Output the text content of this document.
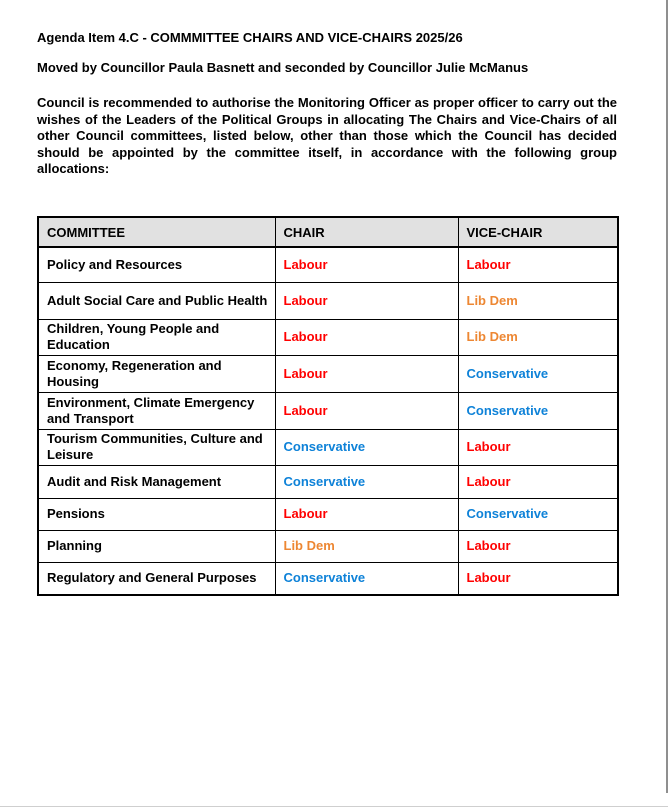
Agenda Item 4.C - COMMMITTEE CHAIRS AND VICE-CHAIRS 2025/26
Moved by Councillor Paula Basnett and seconded by Councillor Julie McManus
Council is recommended to authorise the Monitoring Officer as proper officer to carry out the wishes of the Leaders of the Political Groups in allocating The Chairs and Vice-Chairs of all other Council committees, listed below, other than those which the Council has decided should be appointed by the committee itself, in accordance with the following group allocations:
COMMITTEE	CHAIR	VICE-CHAIR
Policy and Resources	Labour	Labour
Adult Social Care and Public Health	Labour	Lib Dem
Children, Young People and Education	Labour	Lib Dem
Economy, Regeneration and Housing	Labour	Conservative
Environment, Climate Emergency and Transport	Labour	Conservative
Tourism Communities, Culture and Leisure	Conservative	Labour
Audit and Risk Management	Conservative	Labour
Pensions	Labour	Conservative
Planning	Lib Dem	Labour
Regulatory and General Purposes	Conservative	Labour
